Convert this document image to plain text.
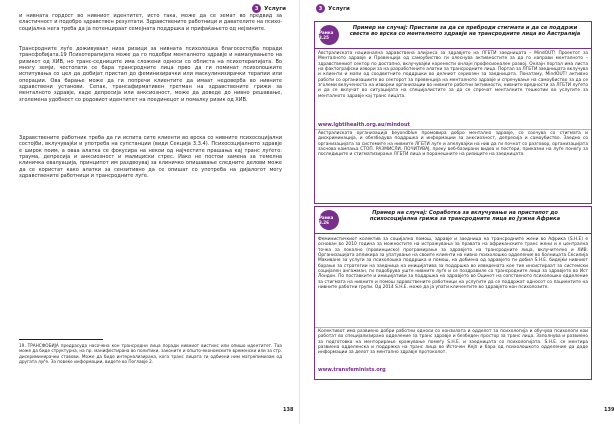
3	Услуги

и нивната гордост во нивниот идентитет, исто така, може да се земат во предвид за еластичност и подобро здравствен резултати. Здравствените работници и давателите на психо-социјална нега треба да ја потенцираат семејната поддршка и прифаќањето од нејзините.

Трансродните луѓе доживуваат низа ризици за нивната психолошка благосостојба поради трансфобијата.19 Психотерапијата може да го подобри менталното здравје и намалувањето на ризикот од ХИВ, но транс-седниците има сложени односи со облиста на психотерапијата. Во многу земји, честопати се бара трансродните лица прво да ги поминат психолошките испитувања со цел да добијат пристап до феминизирачки или маскулинизирачки терапии или операции. Ова барање може да ги попречи клиентите да имаат недовербa во нивните здравствени установи. Сепак, трансафирмативен третман на здравствените грижи за менталното здравје, каде депресија или анксиозност, може да доведе до нивно решавање, зголемена удобност со родовиот идентитет на поединецот и помалку ризик од ХИВ.

Здравствените работник треба да ги испита сите клиенти во врска со нивните психосоцијални состојби, вклучувајќи и употреба на супстанции (види Секција 3.3.4). Психосоцијалното здравје е широк поим, а оваа алатка се фокусира на некои од најчестите прашања кај транс луѓето: траума, депресија и анксиозност и малициски стрес. Иако не постои замена за темелна клиничка евалуација, принципот им раздвоувај за клиничко опишавање следните делови може да се користат како алатки за сензитивно да се опишат со употреба на дијалогот мегу здравствените работници и трансродните луѓе.

19. ТРАНСФОБИЈА предрасуда насочена кон трансродни лица поради нивниот вистинс или опишо идентитет. Таа може да биде структурна, на пр. манифестирана во политики, законите и општо-економските временски или за стр. дискриминирачки ставови. Може да биде интернализирана, кога транс лицата ги одбиени ним матрепимизам од другата луѓе. За повеќе информации, видете во Поглавје 2.

138
3	Услуги
Рамка 3.25

Пример на случај: Пристапи за да се преброди стигмата и да се поддржи свеста во врска со менталното здравје на трансродните лица во Австралија

Австралиската национална здравствена алијанса за здравјето на ЛГБТИ заедницата – MindOUT! Проектот за Менталното здравје и Превенција од самоубиство ги олеснува активностите за да го направи менталното – здравствениот сектор по достапно, вклучувајќи коренести онлајн професионален развој. Онлајн портал има листа на фактографски извори за на разработените алатки за трансродните лица. Портал за ЛГБТИ заедницата вклучува и клиенти и мапи од соодветните поддршки во делниот сериозен за заедницата. Понатаму, MindOUT! активно работи со организациите во секторот за превенција на менталното здравје и спречување на самоубиство за да се зголеми вклученоста на изворни организации во нивните работни активности, нивните вредности за ЛГБТИ луѓето и да се вклучат во ситуацијата на специјалистите за да се спречат менталните тешкотии во услугите за менталното здравје кај транс лицата.

www.lgbtihealth.org.au/mindout

Австралиската организација beyondblue промовира добро ментално здравје, со соочува со стигмата и дискриминација, и обезбедува поддршка и информации за анксиозност, депресија и самоубиство. Заедно со организацијата за системите на нивните ЛГБТИ луѓе и апелувајќи на нив да ги почнат со разговор, организацијата заснова кампања СТОП. РАЗМИСЛИ. ПОЧИТУВАЈ, прeку веб-базирани видеа и постери, приказни на луѓе понеѓу за последиците и стигматизирање ЛГБТИ лица и поранешните на ризиците на заедницата.

Рамка 3.26

Пример на случај: Соработка за вклучување на пристапот до психосоцијална грижа за трансродните лица во Јужна Африка

Феминистичкиот колектив за социјална помош, здравје и заедница на трансродните жени во Африка (S.H.E) е основан во 2010 година за можностите на истражувања за правата на африканските транс жени и е централна точка за локално (провинциско) програмирање за здравјето на трансродните лица, вклучително и ХИВ. Организацијата апликира за упатување на своите клиенти на нивно психолошко одделение во болницата Сесилија Макиване за услуги за психолошка поддршка и помош, на добиена од здравјето ги добил S.H.E. бидејќи нивниот барање за стратегии на заедница на иницијатива за поддршка во изведената кое тие инсистираат за системски социјален ангажман, ги подобрува уште нивните луѓе и се поздравиле со трансродните лица за здравјето во Ист Лондон. По поставките и иницијативи за поддршка на здравјето во Оцинот на сопственото психолошко одделение за стигмата на нивните и помош здравствените работници на услугите да се поддржат односот со пациентите на нивните работни групи. Од 2014 S.H.E. може да ја упати кличентите во здравјето кон психолозите.

Колективот има развиено добри работни односи со конзилата и одделот за психологија и обучува психологи кои работат во специјализирано одделение за транс здравје и безбеден простор за транс лица. Заполнува и развиено за подготовка на менторирање кражување помеѓу S.H.E. и заедницата со психологијата. S.H.E. се ментира развиена одделенска и поддржка на транс лица во Источен Кејп и бара од психолошкото одделение да даде информации за делот за ментално здравје протоколот.

www.transfeminists.org
139
